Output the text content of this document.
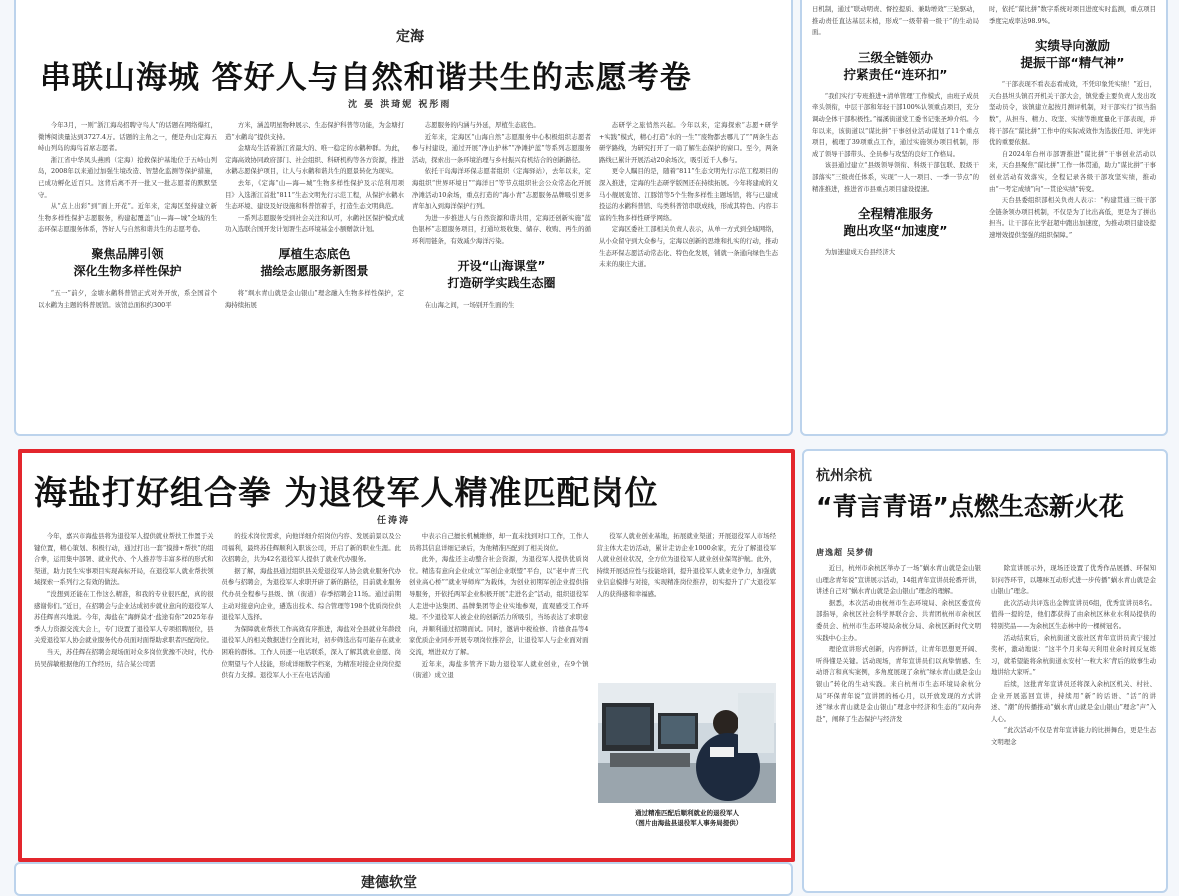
定海
串联山海城 答好人与自然和谐共生的志愿考卷
沈 晏 洪琦妮 祝彤雨

今年3月，一则“浙江海岛招聘守鸟人”的话题在网络爆红，微博阅读量达到3727.4万。话题的主角之一，便是舟山定海五峙山列岛的海鸟首席志愿者。

浙江省中华凤头燕鸥（定海）抢救保护基地位于五峙山列岛，2008年以来通过加强生境改造、智慧化监测等保护措施，已成功孵化近百只。这背后离不开一批又一批志愿者的默默坚守。

从“点上出彩”到“面上开花”。近年来，定海区坚持建立新生物多样性保护志愿服务，构建起覆盖“山—海—城”全域的生态环保志愿服务体系，答好人与自然和谐共生的志愿考卷。

聚焦品牌引领
深化生物多样性保护

“五一”前夕，金塘水鹳科普馆正式对外开放，系全国首个以水鹳为主题的科普展馆。该馆总面积约300平

方米，涵盖明星物种展示、生态保护科普等功能，为金塘打造“水鹳岛”提供支持。

金塘岛生活着浙江省最大的、唯一稳定的水鹳种群。为此，定海高效协同政府部门、社会组织、科研机构等各方资源，推进水鹳志愿保护项目，让人与水鹳和谐共生的愿景转化为现实。

去年，《定海“山—海—城”生物多样性保护及示范利用项目》入选浙江首批“811”生态文明先行示范工程，从保护水鹳水生态环境、建设及好设施和科普馆着手，打造生态文明典范。

一系列志愿服务受到社会关注和认可，水鹳社区保护模式成功入选联合国开发计划署生态环境基金小额赠款计划。

厚植生态底色
描绘志愿服务新图景

将“飒水青山就是金山银山”理念融入生物多样性保护，定海持续拓展

志愿服务的内涵与外延，厚植生态底色。

近年来，定海区“山海自然”志愿服务中心积极组织志愿者参与村建设，通过开展“净山护林”“净滩护蓝”等系列志愿服务活动，探索出一条环境治理与乡村振兴有机结合的创新路径。

依托干岛海洋环保志愿者组织（定海驿站），去年以来，定海组织“世界环境日”“海洋日”等节点组织社会公众常态化开展净滩活动10余场，重点打造的“海小青”志愿服务品牌吸引更多青年加入到海洋保护行列。

为进一步推进人与自然资源和谐共用，定海还创新实施“蓝色银杯”志愿服务项目，打通垃圾收集、储存、收购、再生的循环利用链条，有效减少海洋污染。

开设“山海课堂”
打造研学实践生态圈

在山海之间，一场别开生面的生

态研学之旅悄然兴起。今年以来，定海探索“志愿+研学+实践”模式，精心打造“水的一生”“废物都去哪儿了”“两条生态研学路线，为研究打开了一扇了解生态保护的窗口。至今，两条路线已累计开展活动20余场次，吸引近千人参与。

更令人瞩目的是，随着“811”生态文明先行示范工程项目的深入推进，定海的生态研学版图还在持续拓展。今年将建成的义马小舰展览馆、江豚馆等5个生物多样性主题场馆，将与已建成投运的水鹳科普馆、鸟类科普馆串联成线，形成其特色、内容丰富的生物多样性研学网络。

定海区委社工部相关负责人表示，从单一方式到全域网络，从小众留守到大众参与，定海以创新的思维和扎实的行动，推动生态环保志愿活动常态化、特色化发展，铺就一条通向绿色生态未来的康庄大道。

日机制，通过“联动明责、督控提质、兼助增效”三轮驱动，推动责任直达基层末梢，形成“一级带着一级干”的生动局面。

三级全链领办
拧紧责任“连环扣”

“我们实行‘专班推进+清单管理’工作模式，由班子成员牵头领衔，中层干部和年轻干部100%认领重点项目，充分调动全体干部积极性。”福溪街道党工委书记张圣坤介绍。今年以来，该街道以“谋比拼”干事创业活动谋划了11个重点项目，梳理了39项重点工作，通过实施领办项目机制，形成了领导干部带头、全员参与攻坚的良好工作格局。

该县通过建立“县级领导领衔、科级干部包联、股级干部落实”三级责任体系，实现“一人一项目、一季一节点”的精准推进，推进省市县重点项目建设提速。

全程精准服务
跑出攻坚“加速度”

为加速建成天台县经济大

时，依托“谋比拼”数字系统对项目进度实时监测，重点项目季度完成率达98.9%。

实绩导向激励
提振干部“精气神”

“干部表现不看表态看成效，不凭印象凭实绩！”近日，天台县坦头镇召开机关干部大会，镇党委主要负责人发出攻坚动员令，该镇建立起按月测评机制，对干部实行“拟当指数”，从担当、精力、攻坚、实绩等维度量化干部表现，并将干部在“谋比拼”工作中的实际成效作为选拔任用、评先评优的重要依据。

自2024年台州市部署推进“谋比拼”干事创业活动以来，天台县聚焦“谋比拼”工作一体贯通，助力“谋比拼”干事创业活动有效落实，全程记录各级干部攻坚实绩，推动由“一考定成绩”向“一贯论实绩”转变。

天台县委组织部相关负责人表示：“构建贯通三级干部全链条领办项目机制，不仅是为了比出高低，更是为了拼出担当。让干部在比学赶超中跑出加速度，为推动项目建设提速增效提供坚强的组织保障。”

海盐打好组合拳 为退役军人精准匹配岗位
任涛涛

今年，嘉兴市海盐县将为退役军人提供就业帮扶工作置于关键位置，精心策划、积极行动，通过打出一套“摸排+帮扶”的组合拳，运用集中部署、就业代办、个人推荐等丰富多样的形式和渠道，助力民生实事项目实现高标开局，在退役军人就业帮扶领域探索一系列行之有效的做法。

“没想到还能在工作这么精准，和我的专业很匹配，真的很感谢你们。”近日，在招聘会与企业达成初步就业意向的退役军人苏佳辉喜兴地说。今年，海盐在“海鲜莫才·盐途有你”2025年春季人力资源交流大会上，专门设置了退役军人专项招聘展位，县关爱退役军人协会就业服务代办员面对面帮助求职者匹配岗位。

当天，苏佳辉在招聘会现场面对众多岗位犹豫不决时，代办员吴薛敏根据他的工作经历，结合某公司需

的技术岗位需求，向他详细介绍岗位内容、发展前景以及公司福利，最终苏佳辉顺利入职该公司，开启了新的职业生涯。此次招聘会，共为42名退役军人提供了就业代办服务。

据了解，海盐县通过组织县关爱退役军人协会就业服务代办员参与招聘会，为退役军人求职开辟了新的路径，目前就业服务代办员全程参与县级、镇（街道）春季招聘会11场。通过前期主动对接意向企业，遴选出技术、综合管理等198个优质岗位供退役军人选择。

为保障就业帮扶工作高效有序推进，海盐对全县就业年龄段退役军人的相关数据进行全面比对，初步筛选出有可能存在就业困难的群体。工作人员逐一电话联系，深入了解其就业意愿、岗位期望与个人技能，形成详细数字档案，为精准对接企业岗位提供有力支撑。退役军人小王在电话沟通

中表示自己擅长机械维修，却一直未找到对口工作，工作人员将其信息详细记录后，为他精准匹配到了相关岗位。

此外，海盐还主动整合社会资源，为退役军人提供优质岗位。精选有意向企业成立“军创企业联盟”平台，以“老中青三代创业高心桥”“就业导师库”为载体，为创业初期军创企业提供指导服务，开依托两军企业积极开展“走进名企”活动，组织退役军人走进中达集团、品牌集团等企业实地参观，直观感受工作环境。不少退役军人被企业的创新活力所吸引，当场表达了求职意向，并顺利通过招聘面试。同时，邀请中税检修、肯德食品等4家优质企业同步开展专项岗位推荐会，让退役军人与企业面对面交流，增进双方了解。

近年来，海盐多管齐下助力退役军人就业创业，在9个镇（街道）成立退

役军人就业创业基地，拓展就业渠道；开展退役军人市场经营主体大走访活动，累计走访企业1000余家，充分了解退役军人就业创业状况，全方位为退役军人就业创业保驾护航。此外，持续开展适应性与技能培训，提升退役军人就业竞争力，加强就业信息模排与对接，实现精准岗位推荐，切实提升了广大退役军人的获得感和幸福感。

通过精准匹配后顺利就业的退役军人
（图片由海盐县退役军人事务局提供）
杭州余杭
“青言青语”点燃生态新火花
唐逸超 吴梦倩

近日，杭州市余杭区举办了一场“蜗水青山就是金山银山理念青年说”宣讲展示活动，14组青年宣讲员轮番开讲，讲述自己对“蜗水青山就是金山银山”理念的理解。

据悉，本次活动由杭州市生态环境局、余杭区委宣传部指导，余杭区社会科学界联合会、共青团杭州市余杭区委员会、杭州市生态环境局余杭分局、余杭区新时代文明实践中心主办。

理论宣讲形式创新，内容鲜活，让青年思想更开阔、听得懂是关键。活动现场，青年宣讲员们以真挚情感、生动语言和真实案例，多角度展现了余杭“绿水青山就是金山银山”转化的生动实践。来自杭州市生态环境局余杭分局“环保青年说”宣讲团的杨心月，以开放发现的方式讲述“绿水青山就是金山银山”理念中经济和生态的“双向奔赴”，阐释了生态保护与经济发

除宣讲展示外，现场还设置了优秀作品展播、环保知识问答环节，以趣味互动形式进一步传播“蜗水青山就是金山银山”理念。

此次活动共评选出金牌宣讲员6组，优秀宣讲员8名。值得一提的是，他们都获得了由余杭区林业水利局提供的特别奖品——为余杭区生态林中的一棵树冠名。

活动结束后，余杭街道文旅社区青年宣讲员黄宁接过奖杯，激动地说：“这半个月来每天利用业余时间反复练习，就希望能将余杭街道永安村‘一粒大米’背后的故事生动地讲给大家听。”

后续，这批青年宣讲员还将深入余杭区机关、村社、企业开展巡回宣讲，持续用“新”的话语、“活”的讲述、“潮”的传播推动“蜗水青山就是金山银山”理念“声”入人心。

“此次活动不仅是青年宣讲能力的比拼舞台，更是生态文明理念

建德软堂
